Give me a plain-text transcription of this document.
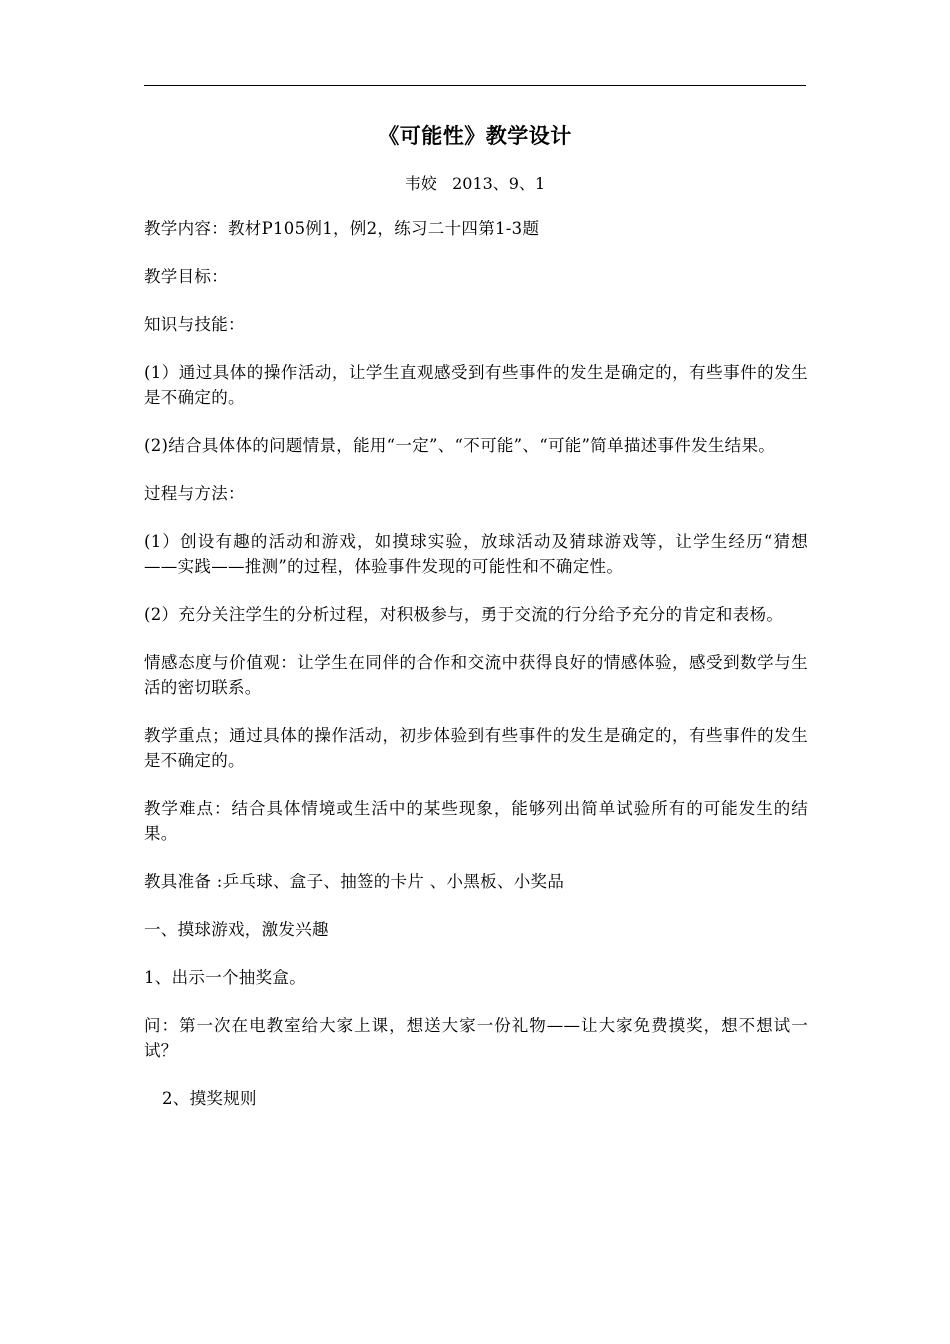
《可能性》教学设计
韦姣   2013、9、1

教学内容：教材P105例1，例2，练习二十四第1-3题

教学目标：

知识与技能：

(1）通过具体的操作活动，让学生直观感受到有些事件的发生是确定的，有些事件的发生是不确定的。

(2)结合具体体的问题情景，能用“一定”、“不可能”、“可能”简单描述事件发生结果。

过程与方法：

(1）创设有趣的活动和游戏，如摸球实验，放球活动及猜球游戏等，让学生经历“猜想——实践——推测”的过程，体验事件发现的可能性和不确定性。

(2）充分关注学生的分析过程，对积极参与，勇于交流的行分给予充分的肯定和表杨。

情感态度与价值观：让学生在同伴的合作和交流中获得良好的情感体验，感受到数学与生活的密切联系。

教学重点；通过具体的操作活动，初步体验到有些事件的发生是确定的，有些事件的发生是不确定的。

教学难点：结合具体情境或生活中的某些现象，能够列出简单试验所有的可能发生的结果。

教具准备 :乒乓球、盒子、抽签的卡片 、小黑板、小奖品

一、摸球游戏，激发兴趣

1、出示一个抽奖盒。

问：第一次在电教室给大家上课，想送大家一份礼物——让大家免费摸奖，想不想试一试？

2、摸奖规则
